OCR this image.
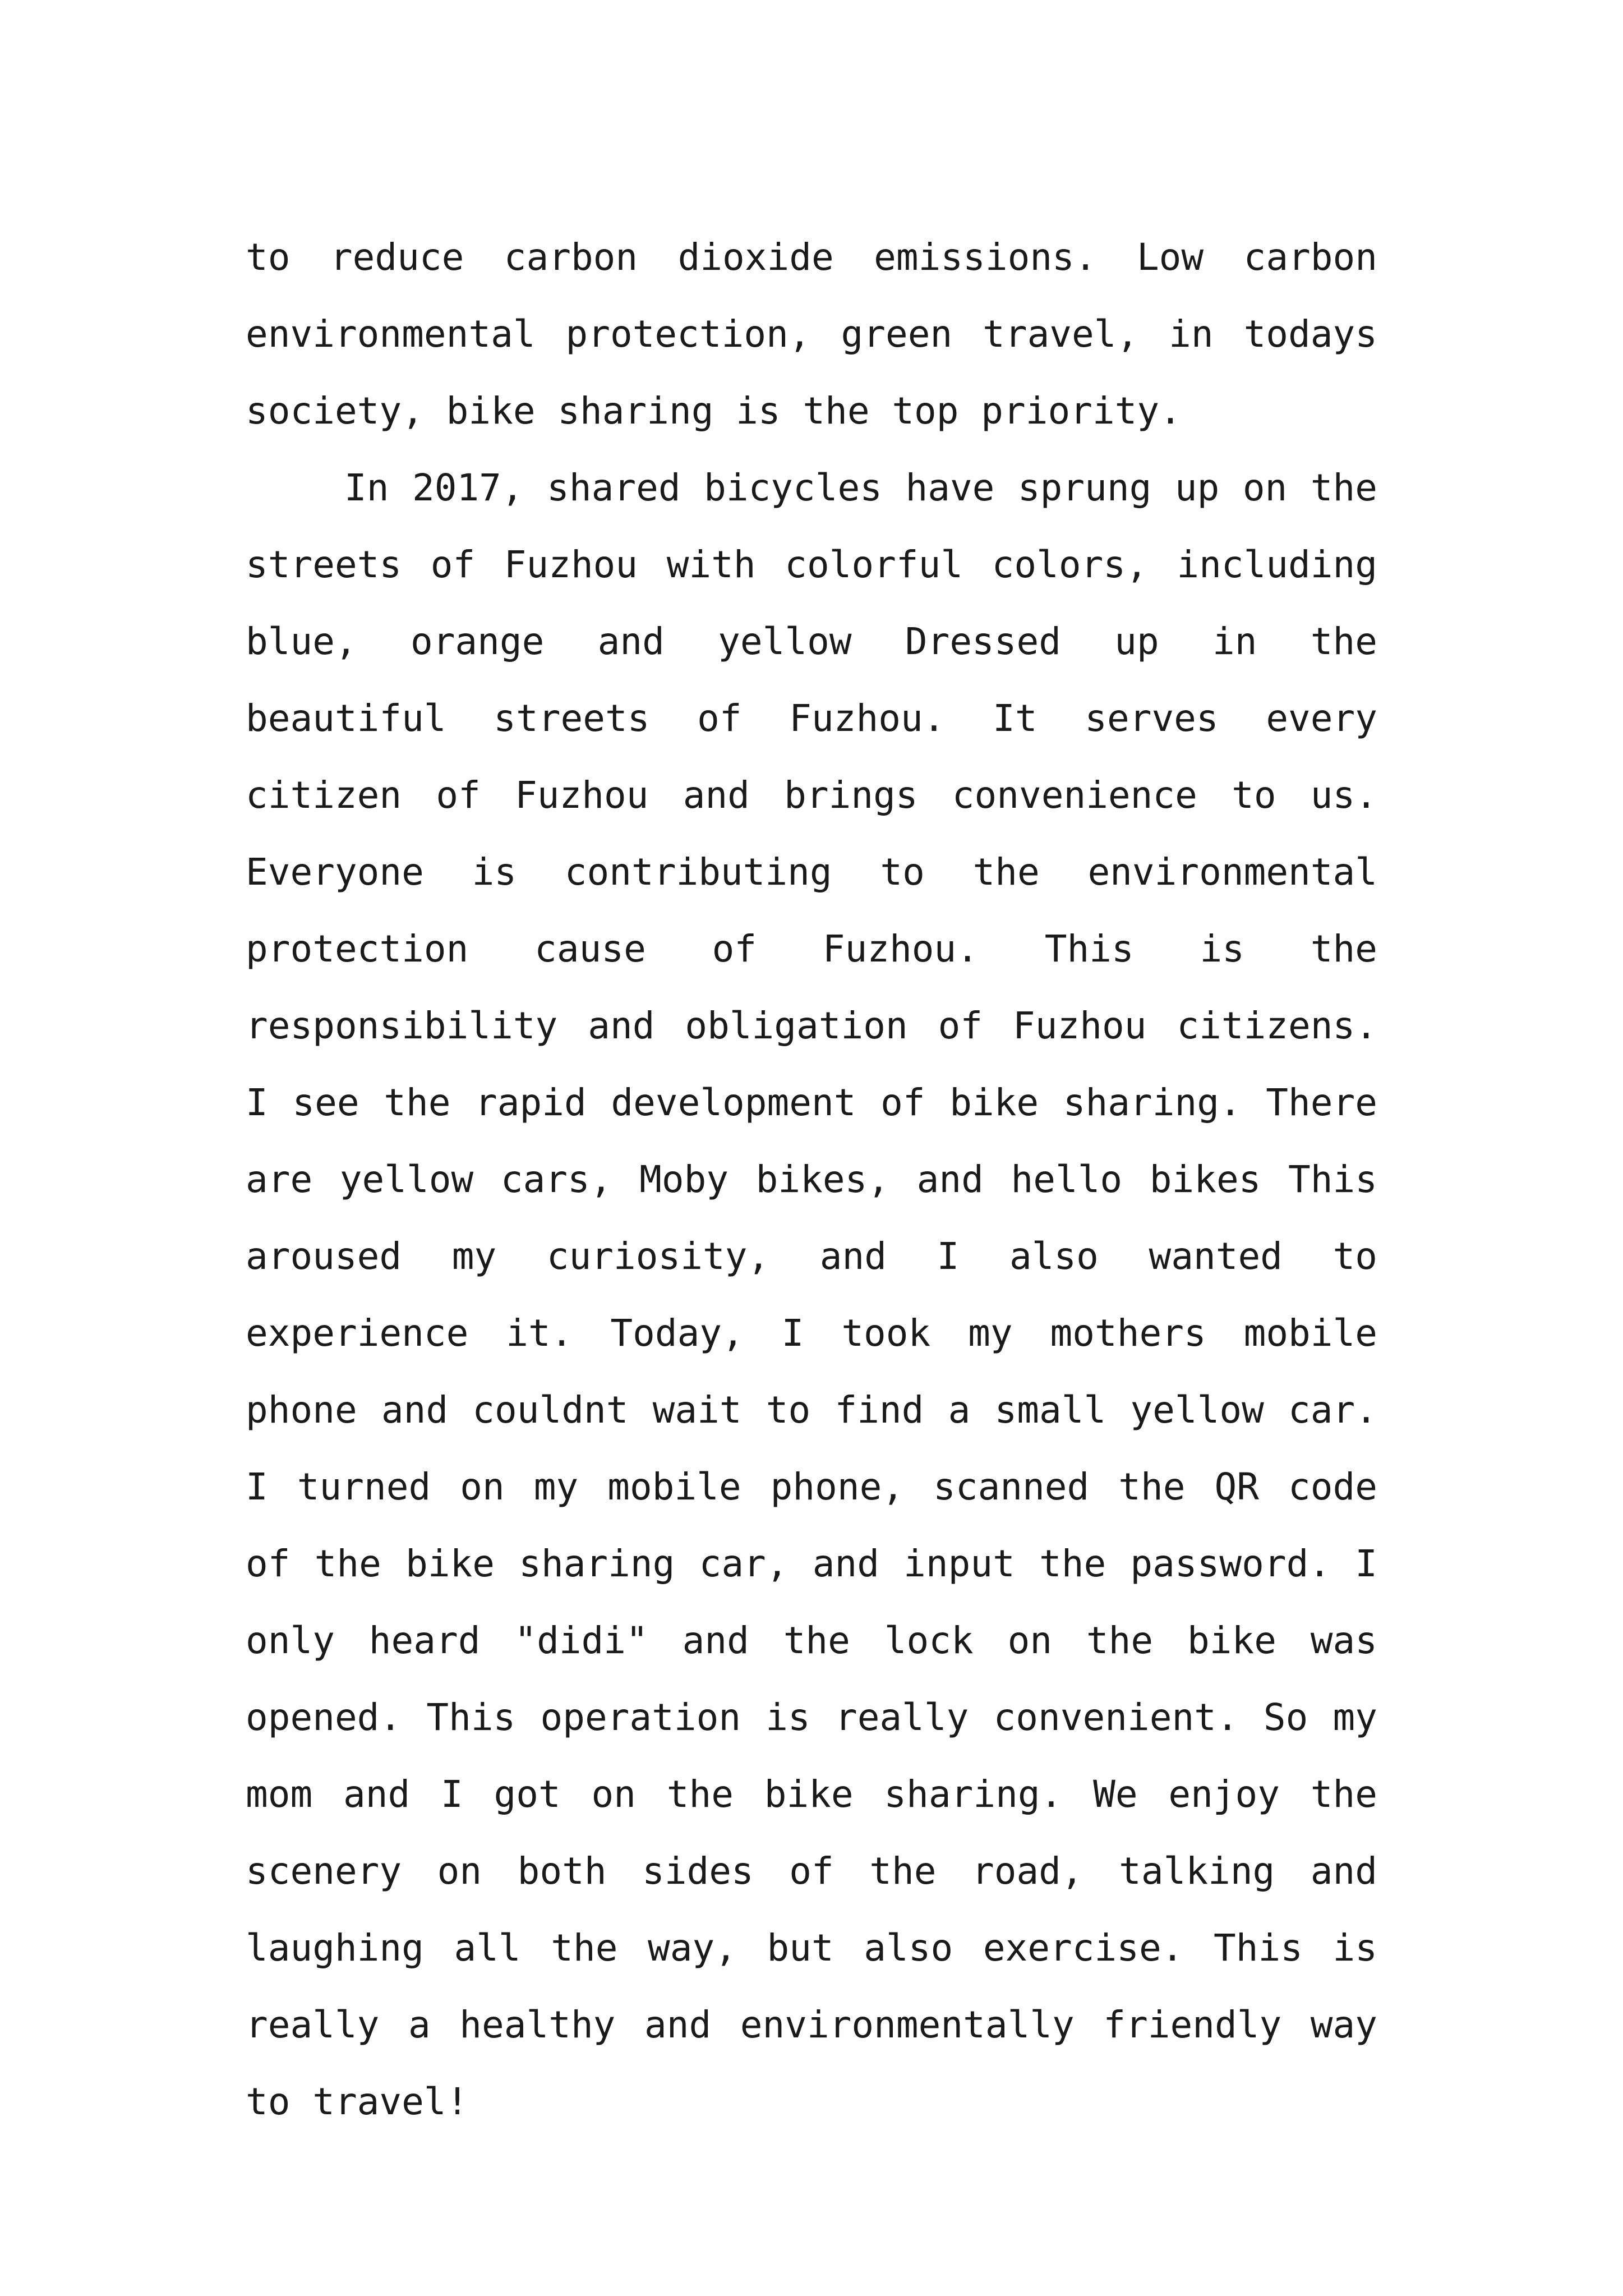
to reduce carbon dioxide emissions. Low carbon environmental protection, green travel, in todays society, bike sharing is the top priority.

In 2017, shared bicycles have sprung up on the streets of Fuzhou with colorful colors, including blue, orange and yellow Dressed up in the beautiful streets of Fuzhou. It serves every citizen of Fuzhou and brings convenience to us. Everyone is contributing to the environmental protection cause of Fuzhou. This is the responsibility and obligation of Fuzhou citizens. I see the rapid development of bike sharing. There are yellow cars, Moby bikes, and hello bikes This aroused my curiosity, and I also wanted to experience it. Today, I took my mothers mobile phone and couldnt wait to find a small yellow car. I turned on my mobile phone, scanned the QR code of the bike sharing car, and input the password. I only heard "didi" and the lock on the bike was opened. This operation is really convenient. So my mom and I got on the bike sharing. We enjoy the scenery on both sides of the road, talking and laughing all the way, but also exercise. This is really a healthy and environmentally friendly way to travel!
